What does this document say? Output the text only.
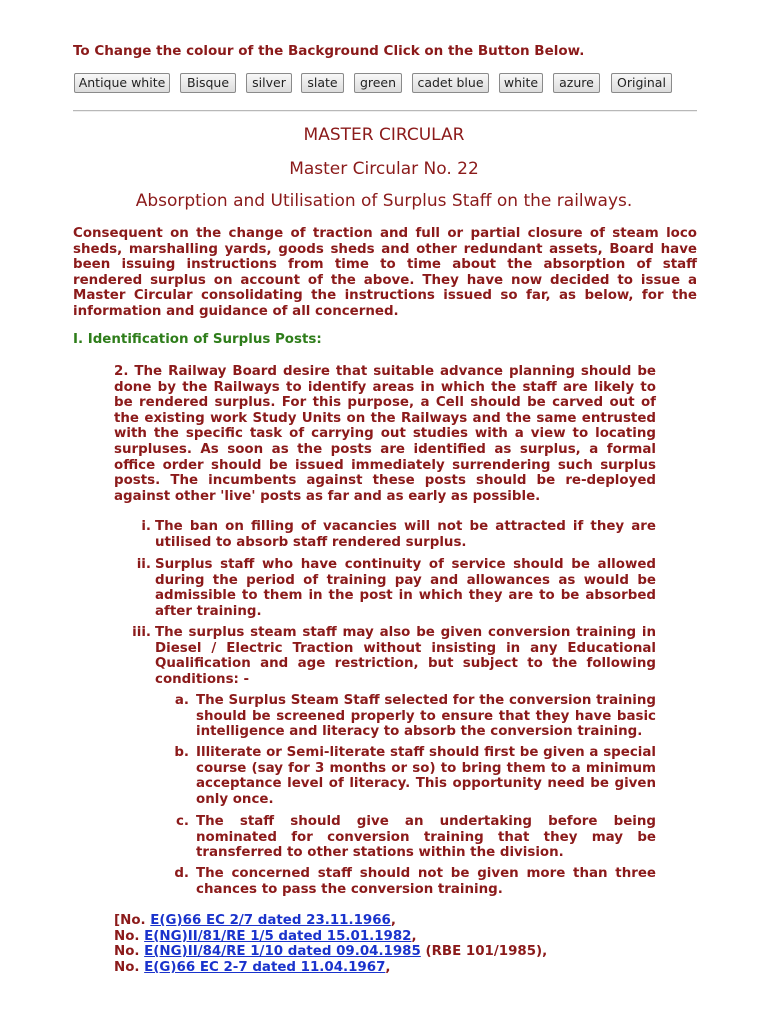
To Change the colour of the Background Click on the Button Below.
Antique white	Bisque	silver	slate	green	cadet blue	white	azure	Original
MASTER CIRCULAR
Master Circular No. 22
Absorption and Utilisation of Surplus Staff on the railways.

Consequent on the change of traction and full or partial closure of steam loco sheds, marshalling yards, goods sheds and other redundant assets, Board have been issuing instructions from time to time about the absorption of staff rendered surplus on account of the above. They have now decided to issue a Master Circular consolidating the instructions issued so far, as below, for the information and guidance of all concerned.

I. Identification of Surplus Posts:

2. The Railway Board desire that suitable advance planning should be done by the Railways to identify areas in which the staff are likely to be rendered surplus. For this purpose, a Cell should be carved out of the existing work Study Units on the Railways and the same entrusted with the specific task of carrying out studies with a view to locating surpluses. As soon as the posts are identified as surplus, a formal office order should be issued immediately surrendering such surplus posts. The incumbents against these posts should be re-deployed against other 'live' posts as far and as early as possible.

i. The ban on filling of vacancies will not be attracted if they are utilised to absorb staff rendered surplus.
ii. Surplus staff who have continuity of service should be allowed during the period of training pay and allowances as would be admissible to them in the post in which they are to be absorbed after training.
iii. The surplus steam staff may also be given conversion training in Diesel / Electric Traction without insisting in any Educational Qualification and age restriction, but subject to the following conditions: -
a. The Surplus Steam Staff selected for the conversion training should be screened properly to ensure that they have basic intelligence and literacy to absorb the conversion training.
b. Illiterate or Semi-literate staff should first be given a special course (say for 3 months or so) to bring them to a minimum acceptance level of literacy. This opportunity need be given only once.
c. The staff should give an undertaking before being nominated for conversion training that they may be transferred to other stations within the division.
d. The concerned staff should not be given more than three chances to pass the conversion training.
[No. E(G)66 EC 2/7 dated 23.11.1966,
No. E(NG)II/81/RE 1/5 dated 15.01.1982,
No. E(NG)II/84/RE 1/10 dated 09.04.1985 (RBE 101/1985),
No. E(G)66 EC 2-7 dated 11.04.1967,
